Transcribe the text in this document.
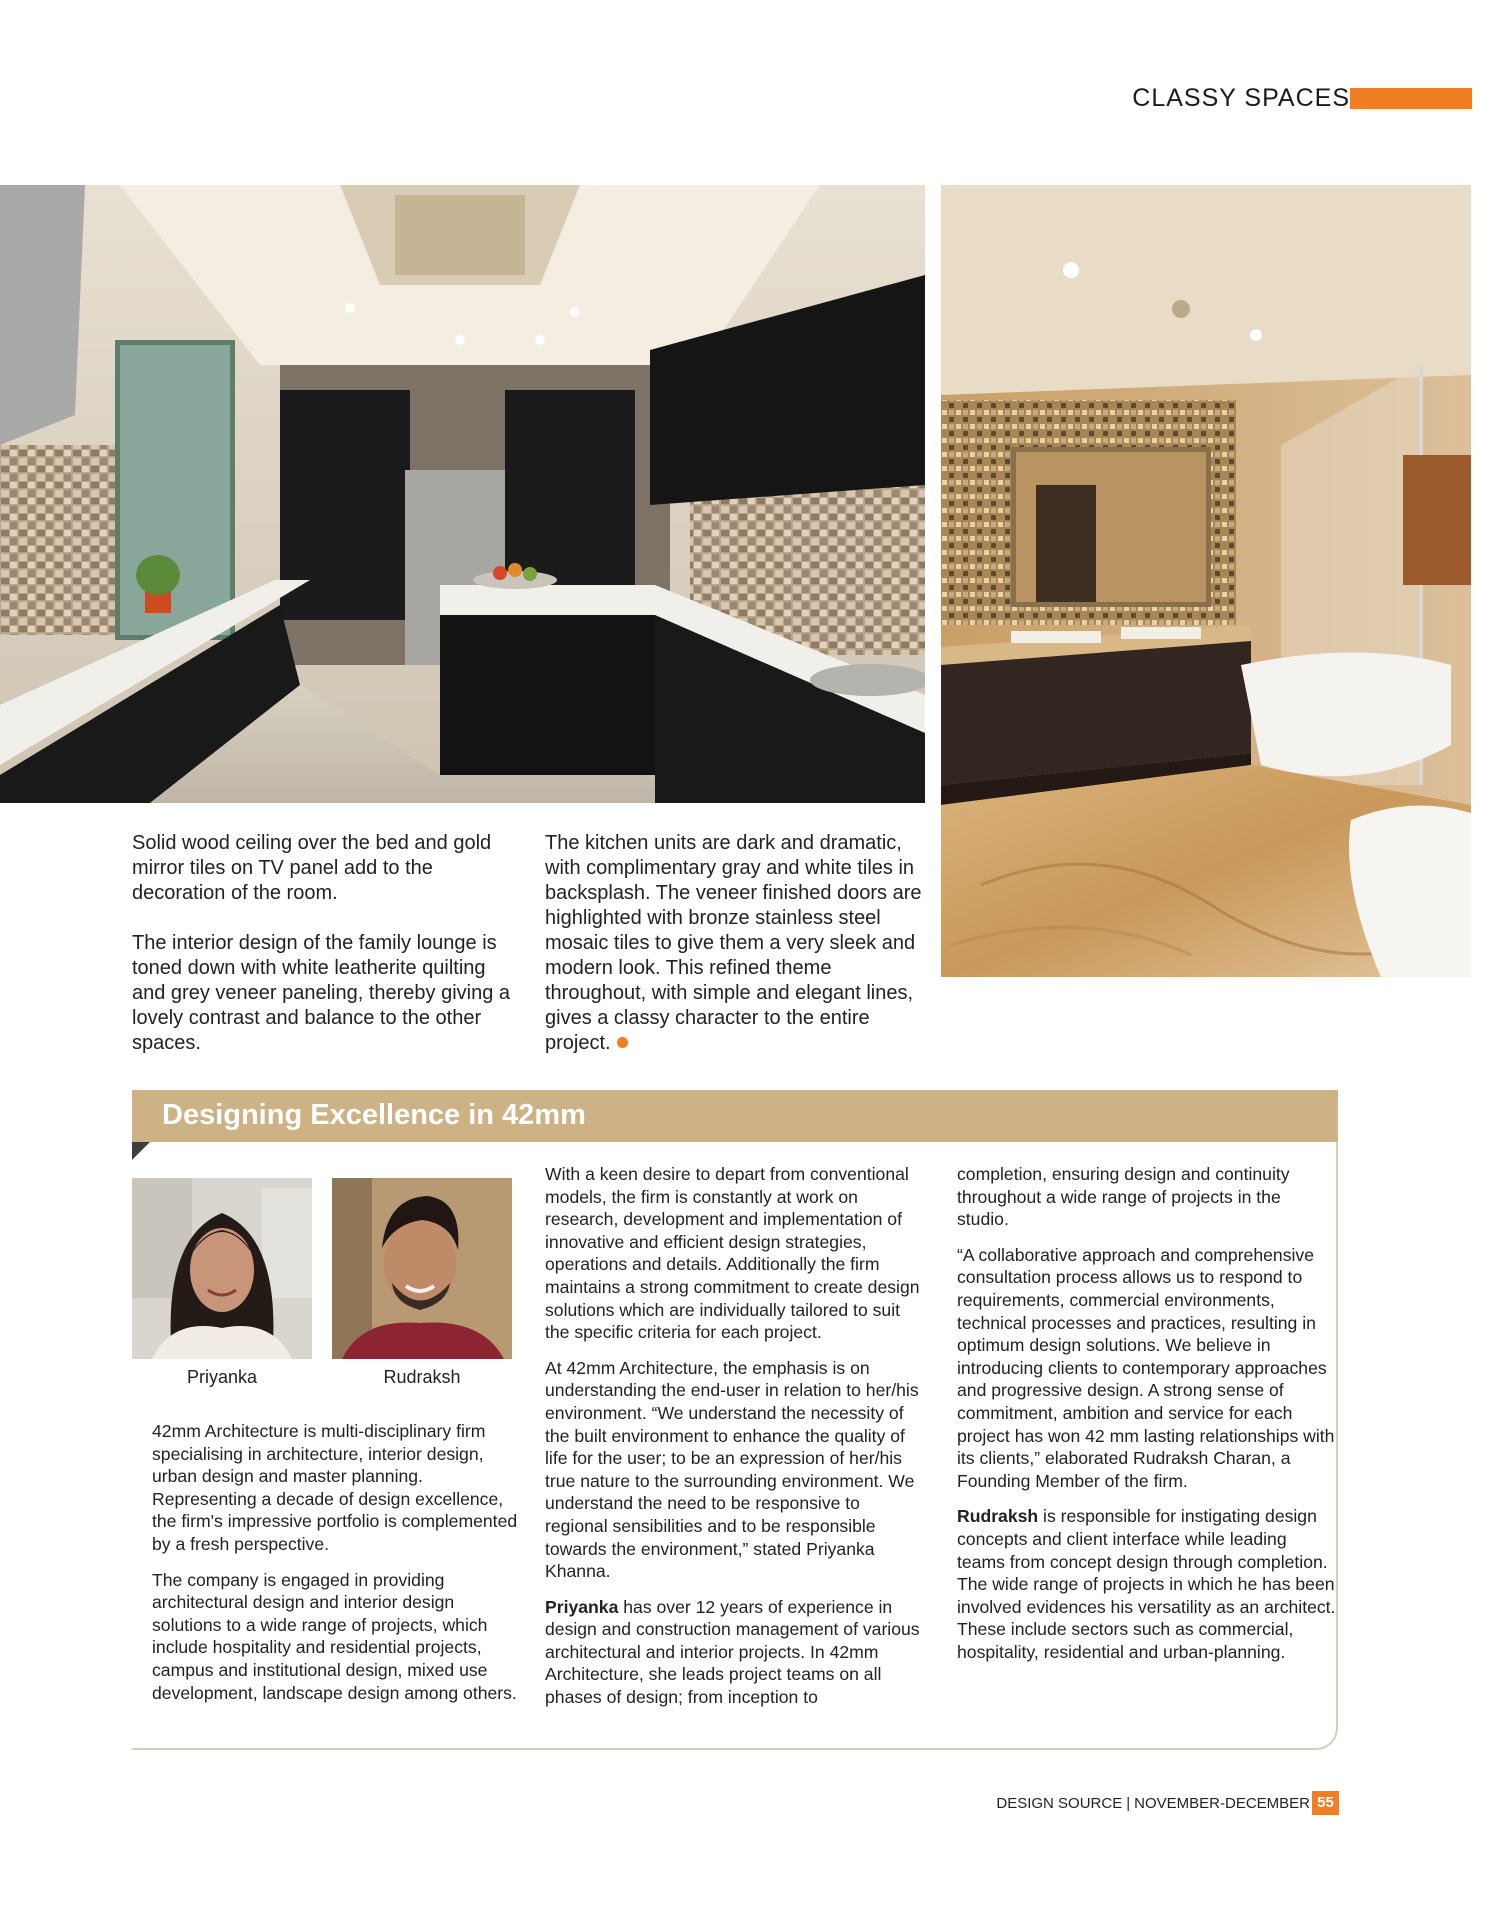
CLASSY SPACES

Solid wood ceiling over the bed and gold mirror tiles on TV panel add to the decoration of the room.

The interior design of the family lounge is toned down with white leatherite quilting and grey veneer paneling, thereby giving a lovely contrast and balance to the other spaces.

The kitchen units are dark and dramatic, with complimentary gray and white tiles in backsplash. The veneer finished doors are highlighted with bronze stainless steel mosaic tiles to give them a very sleek and modern look. This refined theme throughout, with simple and elegant lines, gives a classy character to the entire project.

Designing Excellence in 42mm
Priyanka	Rudraksh

42mm Architecture is multi-disciplinary firm specialising in architecture, interior design, urban design and master planning. Representing a decade of design excellence, the firm's impressive portfolio is complemented by a fresh perspective.

The company is engaged in providing architectural design and interior design solutions to a wide range of projects, which include hospitality and residential projects, campus and institutional design, mixed use development, landscape design among others.

With a keen desire to depart from conventional models, the firm is constantly at work on research, development and implementation of innovative and efficient design strategies, operations and details. Additionally the firm maintains a strong commitment to create design solutions which are individually tailored to suit the specific criteria for each project.

At 42mm Architecture, the emphasis is on understanding the end-user in relation to her/his environment. “We understand the necessity of the built environment to enhance the quality of life for the user; to be an expression of her/his true nature to the surrounding environment. We understand the need to be responsive to regional sensibilities and to be responsible towards the environment,” stated Priyanka Khanna.

Priyanka has over 12 years of experience in design and construction management of various architectural and interior projects. In 42mm Architecture, she leads project teams on all phases of design; from inception to

completion, ensuring design and continuity throughout a wide range of projects in the studio.

“A collaborative approach and comprehensive consultation process allows us to respond to requirements, commercial environments, technical processes and practices, resulting in optimum design solutions. We believe in introducing clients to contemporary approaches and progressive design. A strong sense of commitment, ambition and service for each project has won 42 mm lasting relationships with its clients,” elaborated Rudraksh Charan, a Founding Member of the firm.

Rudraksh is responsible for instigating design concepts and client interface while leading teams from concept design through completion. The wide range of projects in which he has been involved evidences his versatility as an architect. These include sectors such as commercial, hospitality, residential and urban-planning.

DESIGN SOURCE | NOVEMBER-DECEMBER 55
